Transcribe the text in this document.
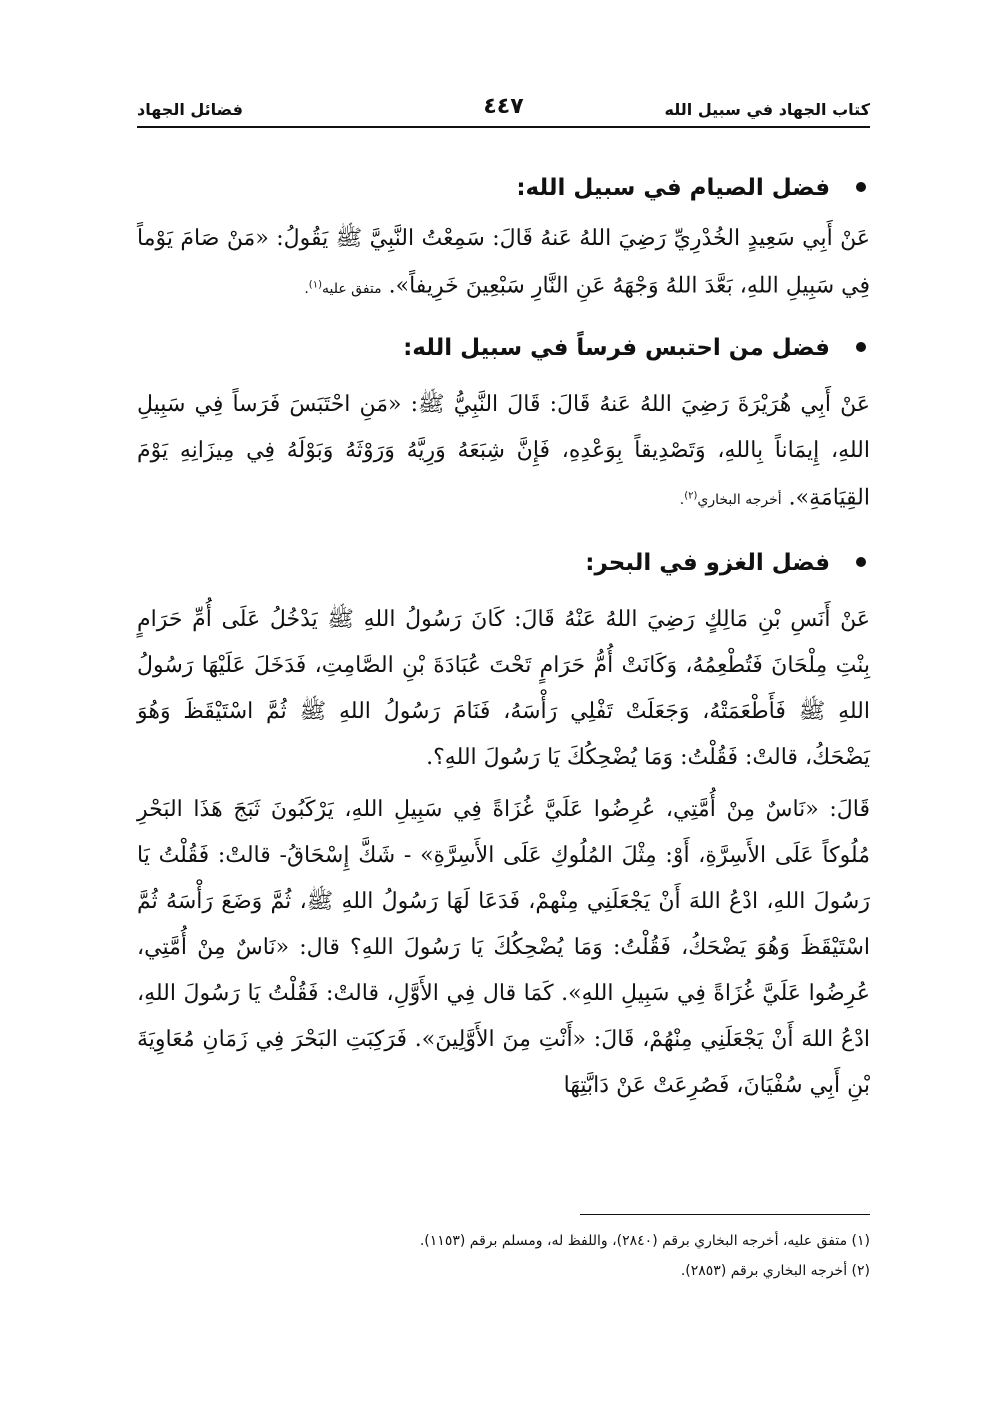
كتاب الجهاد في سبيل الله
٤٤٧
فضائل الجهاد
فضل الصيام في سبيل الله:

عَنْ أَبِي سَعِيدٍ الخُدْرِيِّ رَضِيَ اللهُ عَنهُ قَالَ: سَمِعْتُ النَّبِيَّ ﷺ يَقُولُ: «مَنْ صَامَ يَوْماً فِي سَبِيلِ اللهِ، بَعَّدَ اللهُ وَجْهَهُ عَنِ النَّارِ سَبْعِينَ خَرِيفاً». متفق عليه$^{(١)}$.

فضل من احتبس فرساً في سبيل الله:

عَنْ أَبِي هُرَيْرَةَ رَضِيَ اللهُ عَنهُ قَالَ: قَالَ النَّبِيُّ ﷺ: «مَنِ احْتَبَسَ فَرَساً فِي سَبِيلِ اللهِ، إِيمَاناً بِاللهِ، وَتَصْدِيقاً بِوَعْدِهِ، فَإِنَّ شِبَعَهُ وَرِيَّهُ وَرَوْثَهُ وَبَوْلَهُ فِي مِيزَانِهِ يَوْمَ القِيَامَةِ». أخرجه البخاري$^{(٢)}$.

فضل الغزو في البحر:

عَنْ أَنَسِ بْنِ مَالِكٍ رَضِيَ اللهُ عَنْهُ قَالَ: كَانَ رَسُولُ اللهِ ﷺ يَدْخُلُ عَلَى أُمِّ حَرَامٍ بِنْتِ مِلْحَانَ فَتُطْعِمُهُ، وَكَانَتْ أُمُّ حَرَامٍ تَحْتَ عُبَادَةَ بْنِ الصَّامِتِ، فَدَخَلَ عَلَيْهَا رَسُولُ اللهِ ﷺ فَأَطْعَمَتْهُ، وَجَعَلَتْ تَفْلِي رَأْسَهُ، فَنَامَ رَسُولُ اللهِ ﷺ ثُمَّ اسْتَيْقَظَ وَهُوَ يَضْحَكُ، قالتْ: فَقُلْتُ: وَمَا يُضْحِكُكَ يَا رَسُولَ اللهِ؟.

قَالَ: «نَاسٌ مِنْ أُمَّتِي، عُرِضُوا عَلَيَّ غُزَاةً فِي سَبِيلِ اللهِ، يَرْكَبُونَ ثَبَجَ هَذَا البَحْرِ مُلُوكاً عَلَى الأَسِرَّةِ، أَوْ: مِثْلَ المُلُوكِ عَلَى الأَسِرَّةِ» - شَكَّ إِسْحَاقُ- قالتْ: فَقُلْتُ يَا رَسُولَ اللهِ، ادْعُ اللهَ أَنْ يَجْعَلَنِي مِنْهمْ، فَدَعَا لَهَا رَسُولُ اللهِ ﷺ، ثُمَّ وَضَعَ رَأْسَهُ ثُمَّ اسْتَيْقَظَ وَهُوَ يَضْحَكُ، فَقُلْتُ: وَمَا يُضْحِكُكَ يَا رَسُولَ اللهِ؟ قال: «نَاسٌ مِنْ أُمَّتِي، عُرِضُوا عَلَيَّ غُزَاةً فِي سَبِيلِ اللهِ». كَمَا قال فِي الأَوَّلِ، قالتْ: فَقُلْتُ يَا رَسُولَ اللهِ، ادْعُ اللهَ أَنْ يَجْعَلَنِي مِنْهُمْ، قَالَ: «أَنْتِ مِنَ الأَوَّلِينَ». فَرَكِبَتِ البَحْرَ فِي زَمَانِ مُعَاوِيَةَ بْنِ أَبِي سُفْيَانَ، فَصُرِعَتْ عَنْ دَابَّتِهَا

(١) متفق عليه، أخرجه البخاري برقم (٢٨٤٠)، واللفظ له، ومسلم برقم (١١٥٣).

(٢) أخرجه البخاري برقم (٢٨٥٣).
